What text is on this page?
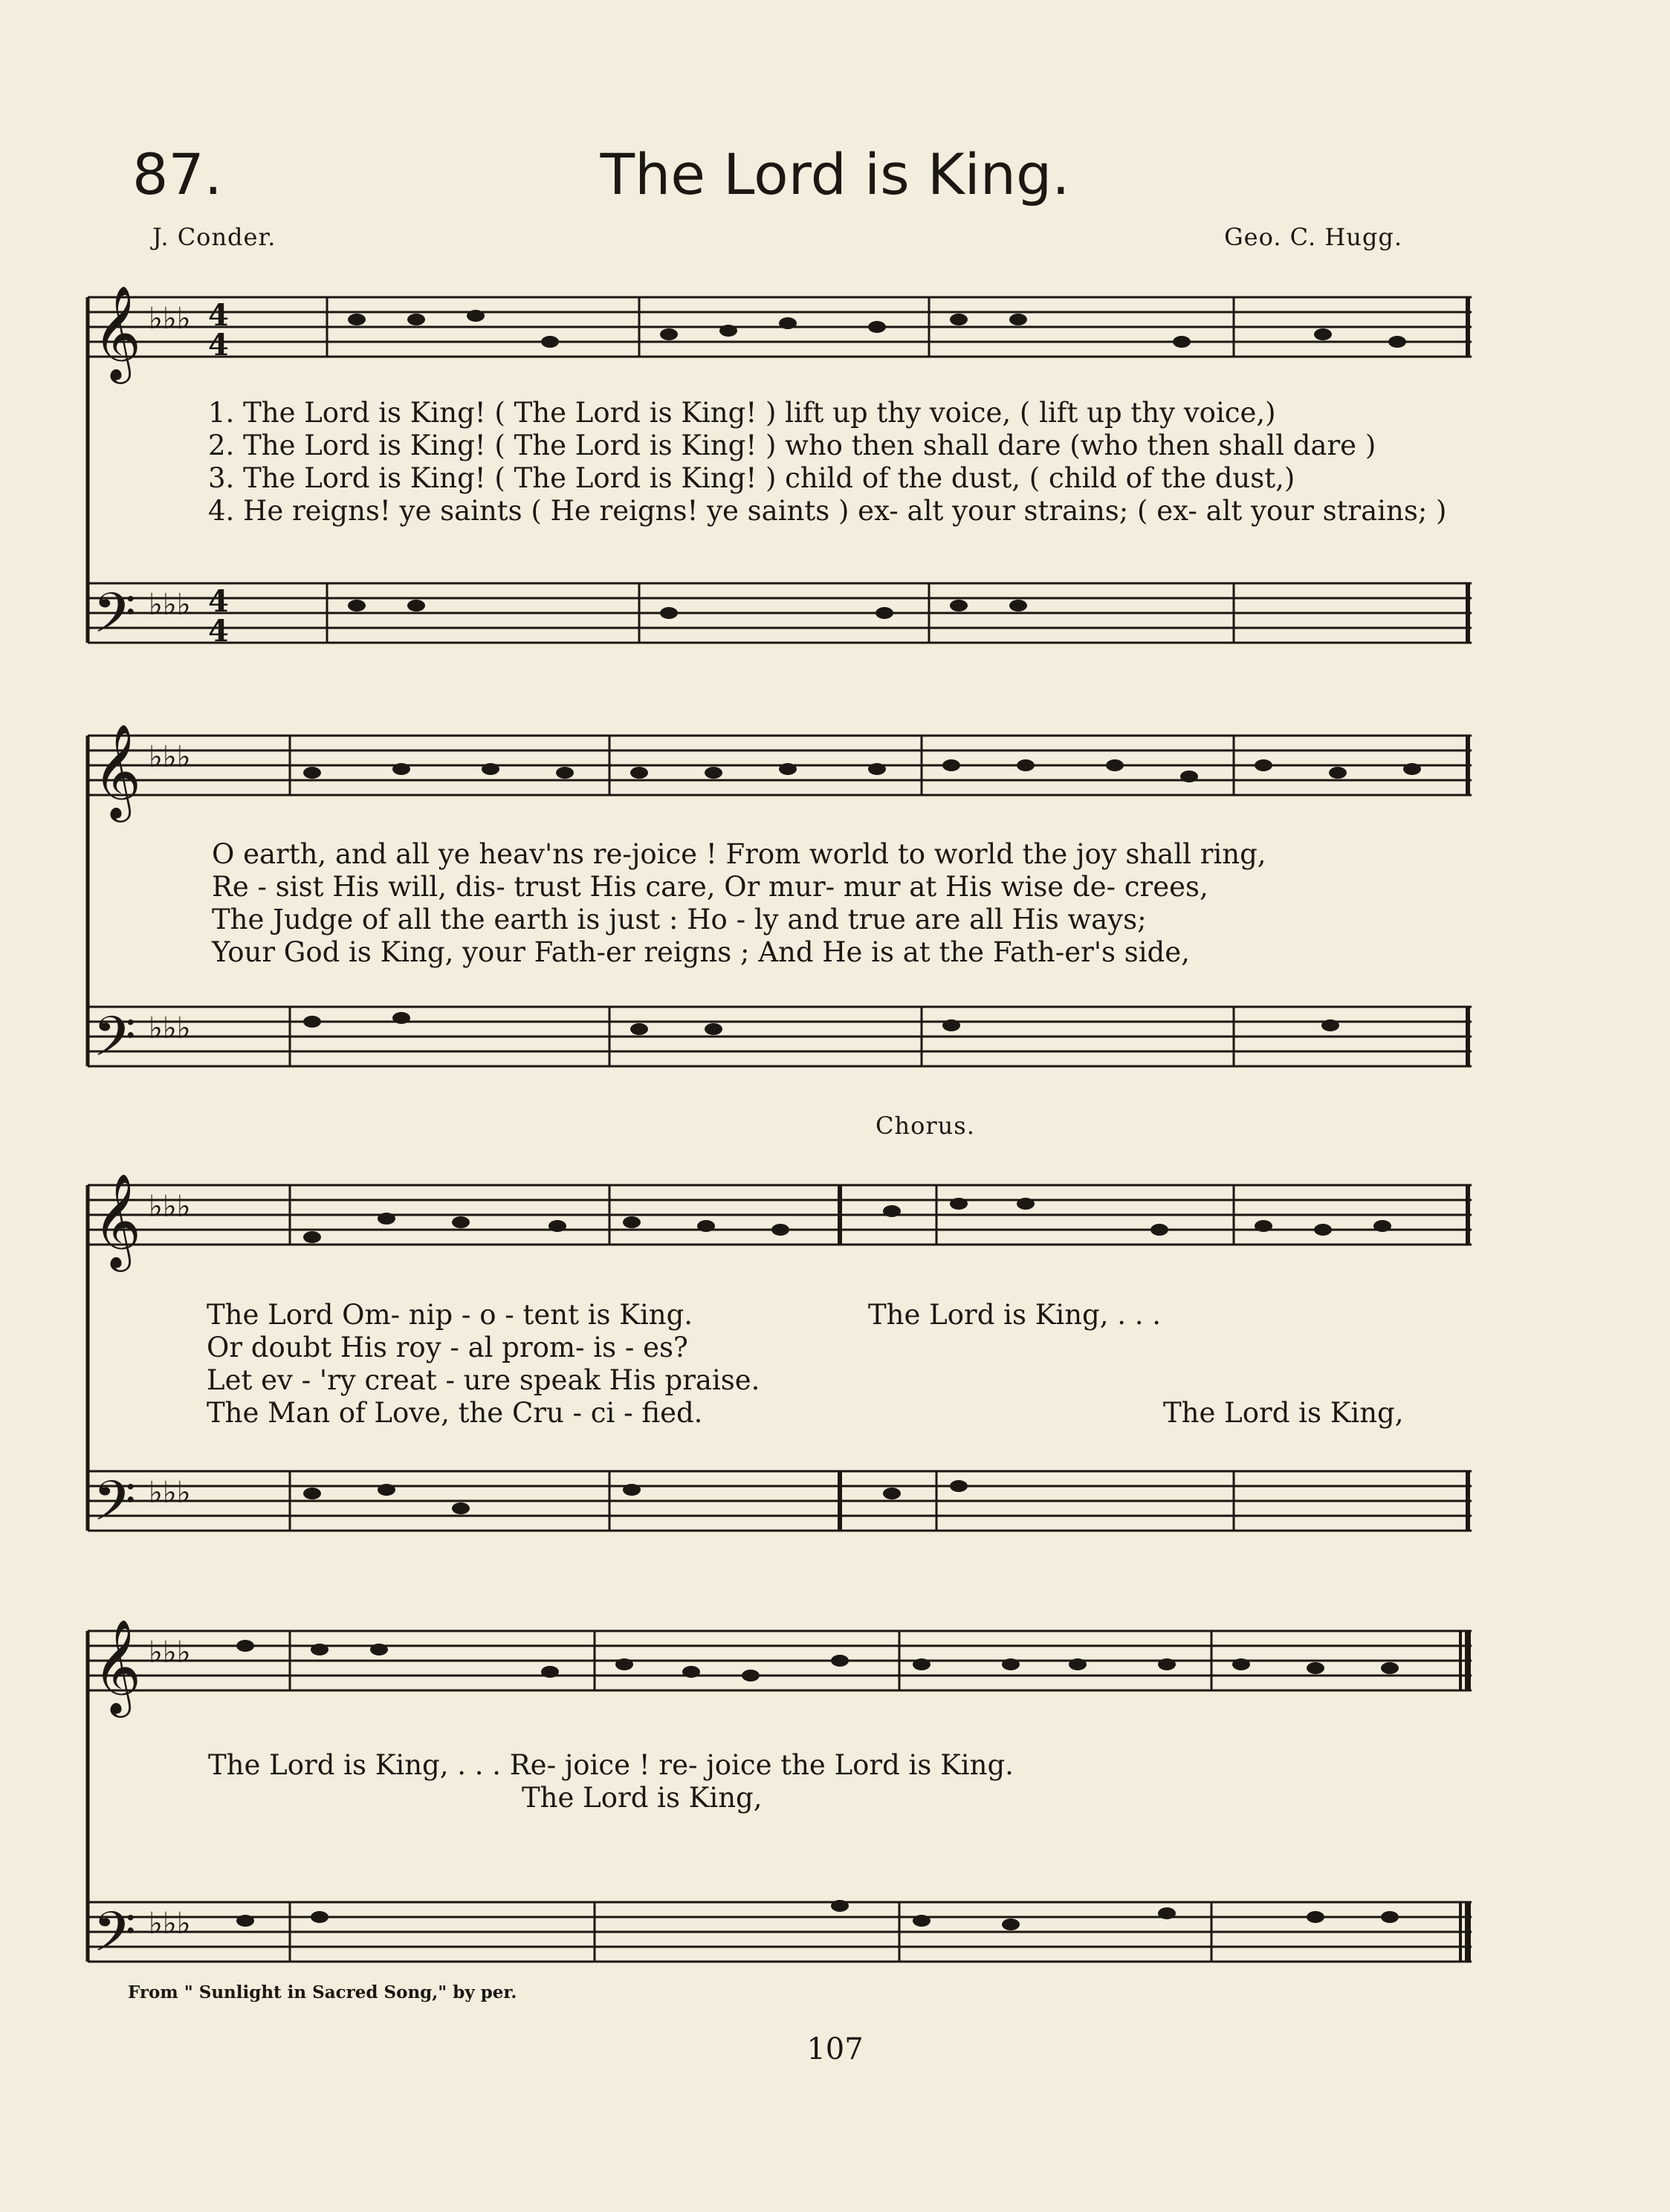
87.	The Lord is King.
J. Conder.	Geo. C. Hugg.
𝄞
𝄢
♭♭♭ 4
4
♭♭♭ 4
4
1. The Lord is King! ( The Lord is King! ) lift up thy voice, ( lift up thy voice,)
2. The Lord is King! ( The Lord is King! ) who then shall dare (who then shall dare )
3. The Lord is King! ( The Lord is King! ) child of the dust, ( child of the dust,)
4. He reigns! ye saints ( He reigns! ye saints ) ex- alt your strains; ( ex- alt your strains; )
𝄞
𝄢
♭♭♭
♭♭♭
O earth, and all ye heav'ns re-joice ! From world to world the joy shall ring,
Re - sist His will, dis- trust His care, Or mur- mur at His wise de- crees,
The Judge of all the earth is just : Ho - ly and true are all His ways;
Your God is King, your Fath-er reigns ; And He is at the Fath-er's side,
Chorus.
𝄞
𝄢
♭♭♭
♭♭♭
The Lord Om- nip - o - tent is King.
Or doubt His roy - al prom- is - es?
Let ev - 'ry creat - ure speak His praise.
The Man of Love, the Cru - ci - fied.
The Lord is King, . . .
The Lord is King,
𝄞
𝄢
♭♭♭
♭♭♭
The Lord is King, . . . Re- joice ! re- joice the Lord is King.
The Lord is King,
From " Sunlight in Sacred Song," by per.
107
